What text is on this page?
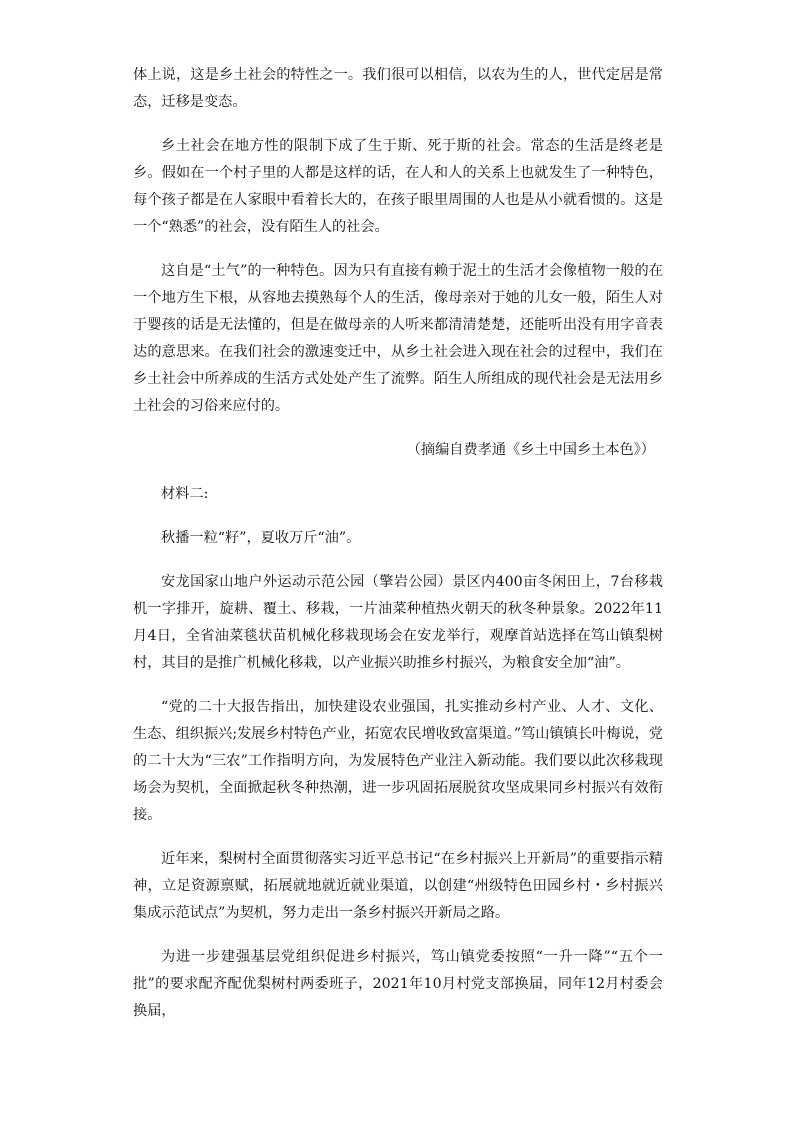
体上说，这是乡土社会的特性之一。我们很可以相信，以农为生的人，世代定居是常态，迁移是变态。

乡土社会在地方性的限制下成了生于斯、死于斯的社会。常态的生活是终老是乡。假如在一个村子里的人都是这样的话，在人和人的关系上也就发生了一种特色，每个孩子都是在人家眼中看着长大的，在孩子眼里周围的人也是从小就看惯的。这是一个“熟悉”的社会，没有陌生人的社会。

这自是“土气”的一种特色。因为只有直接有赖于泥土的生活才会像植物一般的在一个地方生下根，从容地去摸熟每个人的生活，像母亲对于她的儿女一般，陌生人对于婴孩的话是无法懂的，但是在做母亲的人听来都清清楚楚，还能听出没有用字音表达的意思来。在我们社会的激速变迁中，从乡土社会进入现在社会的过程中，我们在乡土社会中所养成的生活方式处处产生了流弊。陌生人所组成的现代社会是无法用乡土社会的习俗来应付的。

（摘编自费孝通《乡土中国乡土本色》）

材料二:

秋播一粒“籽”，夏收万斤“油”。

安龙国家山地户外运动示范公园（擎岩公园）景区内400亩冬闲田上，7台移栽机一字排开，旋耕、覆土、移栽，一片油菜种植热火朝天的秋冬种景象。2022年11月4日，全省油菜毯状苗机械化移栽现场会在安龙举行，观摩首站选择在笃山镇梨树村，其目的是推广机械化移栽，以产业振兴助推乡村振兴，为粮食安全加“油”。

“党的二十大报告指出，加快建设农业强国，扎实推动乡村产业、人才、文化、生态、组织振兴;发展乡村特色产业，拓宽农民增收致富渠道。”笃山镇镇长叶梅说，党的二十大为“三农”工作指明方向，为发展特色产业注入新动能。我们要以此次移栽现场会为契机，全面掀起秋冬种热潮，进一步巩固拓展脱贫攻坚成果同乡村振兴有效衔接。

近年来，梨树村全面贯彻落实习近平总书记“在乡村振兴上开新局”的重要指示精神，立足资源禀赋，拓展就地就近就业渠道，以创建“州级特色田园乡村・乡村振兴集成示范试点”为契机，努力走出一条乡村振兴开新局之路。

为进一步建强基层党组织促进乡村振兴，笃山镇党委按照“一升一降”“五个一批”的要求配齐配优梨树村两委班子，2021年10月村党支部换届，同年12月村委会换届，
